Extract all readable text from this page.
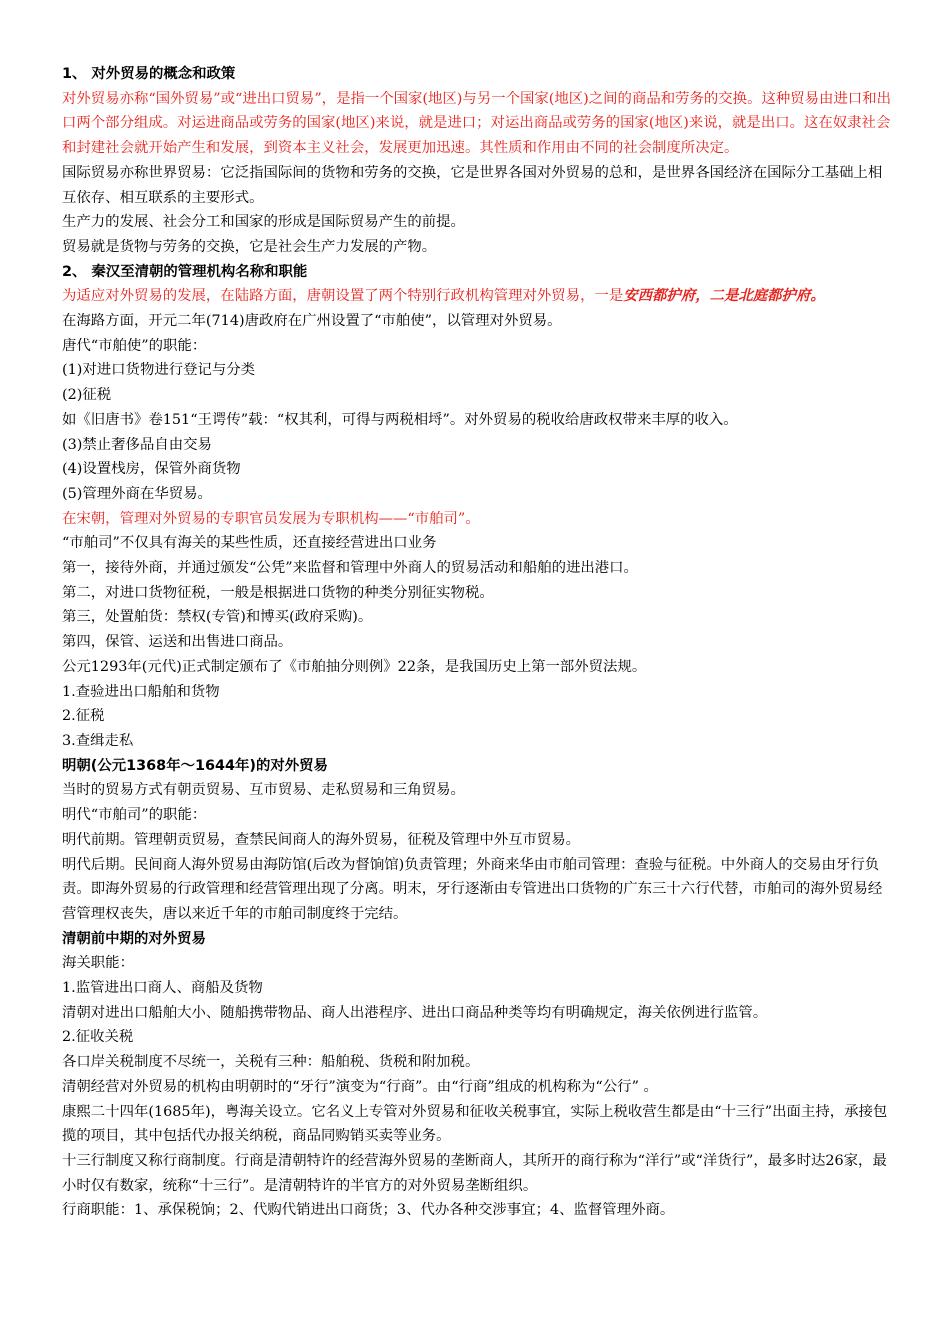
1、 对外贸易的概念和政策

对外贸易亦称“国外贸易”或“进出口贸易”，是指一个国家(地区)与另一个国家(地区)之间的商品和劳务的交换。这种贸易由进口和出口两个部分组成。对运进商品或劳务的国家(地区)来说，就是进口；对运出商品或劳务的国家(地区)来说，就是出口。这在奴隶社会和封建社会就开始产生和发展，到资本主义社会，发展更加迅速。其性质和作用由不同的社会制度所决定。

国际贸易亦称世界贸易：它泛指国际间的货物和劳务的交换，它是世界各国对外贸易的总和，是世界各国经济在国际分工基础上相互依存、相互联系的主要形式。

生产力的发展、社会分工和国家的形成是国际贸易产生的前提。

贸易就是货物与劳务的交换，它是社会生产力发展的产物。

2、 秦汉至清朝的管理机构名称和职能

为适应对外贸易的发展，在陆路方面，唐朝设置了两个特别行政机构管理对外贸易，一是安西都护府，二是北庭都护府。

在海路方面，开元二年(714)唐政府在广州设置了“市舶使”，以管理对外贸易。

唐代“市舶使”的职能：

(1)对进口货物进行登记与分类

(2)征税

如《旧唐书》卷151“王谔传”载：“权其利，可得与两税相埒”。对外贸易的税收给唐政权带来丰厚的收入。

(3)禁止奢侈品自由交易

(4)设置栈房，保管外商货物

(5)管理外商在华贸易。

在宋朝，管理对外贸易的专职官员发展为专职机构——“市舶司”。

“市舶司”不仅具有海关的某些性质，还直接经营进出口业务

第一，接待外商，并通过颁发“公凭”来监督和管理中外商人的贸易活动和船舶的进出港口。

第二，对进口货物征税，一般是根据进口货物的种类分别征实物税。

第三，处置舶货：禁权(专管)和博买(政府采购)。

第四，保管、运送和出售进口商品。

公元1293年(元代)正式制定颁布了《市舶抽分则例》22条，是我国历史上第一部外贸法规。

1.查验进出口船舶和货物

2.征税

3.查缉走私

明朝(公元1368年～1644年)的对外贸易

当时的贸易方式有朝贡贸易、互市贸易、走私贸易和三角贸易。

明代“市舶司”的职能：

明代前期。管理朝贡贸易，查禁民间商人的海外贸易，征税及管理中外互市贸易。

明代后期。民间商人海外贸易由海防馆(后改为督饷馆)负责管理；外商来华由市舶司管理：查验与征税。中外商人的交易由牙行负责。即海外贸易的行政管理和经营管理出现了分离。明末，牙行逐渐由专管进出口货物的广东三十六行代替，市舶司的海外贸易经营管理权丧失，唐以来近千年的市舶司制度终于完结。

清朝前中期的对外贸易

海关职能：

1.监管进出口商人、商船及货物

清朝对进出口船舶大小、随船携带物品、商人出港程序、进出口商品种类等均有明确规定，海关依例进行监管。

2.征收关税

各口岸关税制度不尽统一，关税有三种：船舶税、货税和附加税。

清朝经营对外贸易的机构由明朝时的“牙行”演变为“行商”。由“行商”组成的机构称为“公行” 。

康熙二十四年(1685年)，粤海关设立。它名义上专管对外贸易和征收关税事宜，实际上税收营生都是由“十三行”出面主持，承接包揽的项目，其中包括代办报关纳税，商品同购销买卖等业务。

十三行制度又称行商制度。行商是清朝特许的经营海外贸易的垄断商人，其所开的商行称为“洋行”或“洋货行”，最多时达26家，最小时仅有数家，统称“十三行”。是清朝特许的半官方的对外贸易垄断组织。

行商职能：1、承保税饷；2、代购代销进出口商货；3、代办各种交涉事宜；4、监督管理外商。
